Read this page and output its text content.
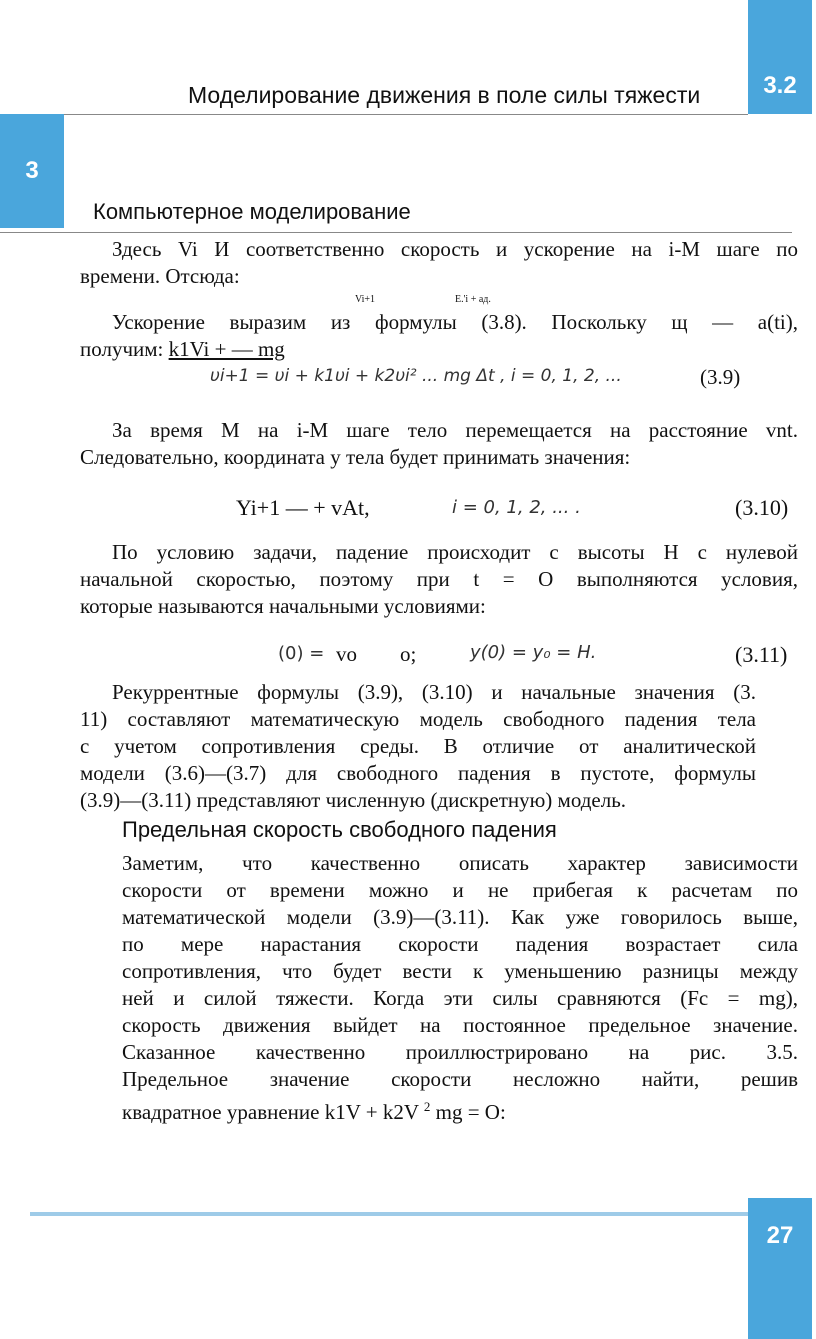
Моделирование движения в поле силы тяжести	3.2
3
Компьютерное моделирование
Здесь Vi И соответственно скорость и ускорение на i-М шаге по
времени. Отсюда:
Vi+1	E.'i + ад.
Ускорение выразим из формулы (3.8). Поскольку щ — a(ti),
получим: k1Vi + — mg
υi+1 = υi + k1υi + k2υi² ... mg Δt , i = 0, 1, 2, ...	(3.9)
За время М на i-М шаге тело перемещается на расстояние vnt.
Следовательно, координата y тела будет принимать значения:
Yi+1 — + vAt,	i = 0, 1, 2, ... .	(3.10)
По условию задачи, падение происходит с высоты H с нулевой
начальной скоростью, поэтому при t = O выполняются условия,
которые называются начальными условиями:
(0) = vo o;	y(0) = y₀ = H.	(3.11)
Рекуррентные формулы (3.9), (3.10) и начальные значения (3.
11) составляют математическую модель свободного падения тела
с учетом сопротивления среды. В отличие от аналитической
модели (3.6)—(3.7) для свободного падения в пустоте, формулы
(3.9)—(3.11) представляют численную (дискретную) модель.
Предельная скорость свободного падения
Заметим, что качественно описать характер зависимости
скорости от времени можно и не прибегая к расчетам по
математической модели (3.9)—(3.11). Как уже говорилось выше,
по мере нарастания скорости падения возрастает сила
сопротивления, что будет вести к уменьшению разницы между
ней и силой тяжести. Когда эти силы сравняются (Fc = mg),
скорость движения выйдет на постоянное предельное значение.
Сказанное качественно проиллюстрировано на рис. 3.5.
Предельное значение скорости несложно найти, решив
квадратное уравнение k1V + k2V $^2$ mg = O:
27
